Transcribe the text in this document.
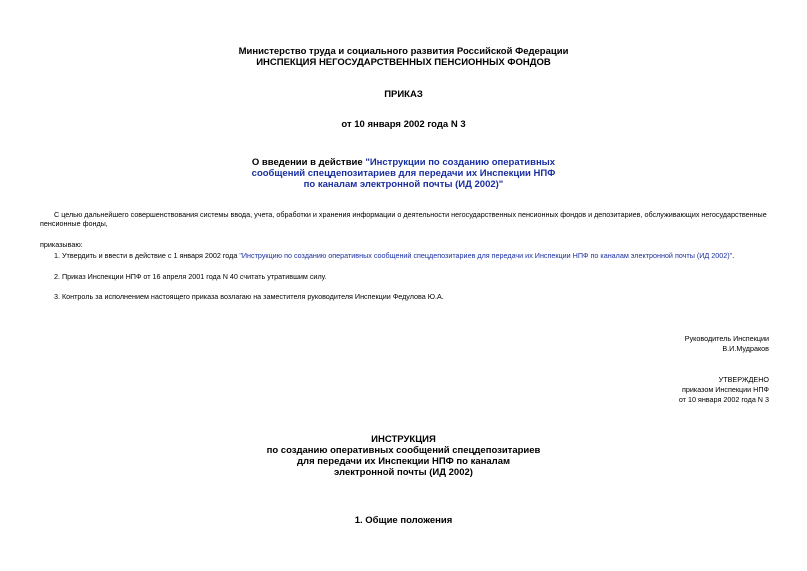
Министерство труда и социального развития Российской Федерации
ИНСПЕКЦИЯ НЕГОСУДАРСТВЕННЫХ ПЕНСИОННЫХ ФОНДОВ
ПРИКАЗ
от 10 января 2002 года N 3
О введении в действие "Инструкции по созданию оперативных
сообщений спецдепозитариев для передачи их Инспекции НПФ
по каналам электронной почты (ИД 2002)"
С целью дальнейшего совершенствования системы ввода, учета, обработки и хранения информации о деятельности негосударственных пенсионных фондов и депозитариев, обслуживающих негосударственные
пенсионные фонды,
приказываю:
1. Утвердить и ввести в действие с 1 января 2002 года "Инструкцию по созданию оперативных сообщений спецдепозитариев для передачи их Инспекции НПФ по каналам электронной почты (ИД 2002)".
2. Приказ Инспекции НПФ от 16 апреля 2001 года N 40 считать утратившим силу.
3. Контроль за исполнением настоящего приказа возлагаю на заместителя руководителя Инспекции Федулова Ю.А.
Руководитель Инспекции
В.И.Мудраков
УТВЕРЖДЕНО
приказом Инспекции НПФ
от 10 января 2002 года N 3
ИНСТРУКЦИЯ
по созданию оперативных сообщений спецдепозитариев
для передачи их Инспекции НПФ по каналам
электронной почты (ИД 2002)
1. Общие положения
